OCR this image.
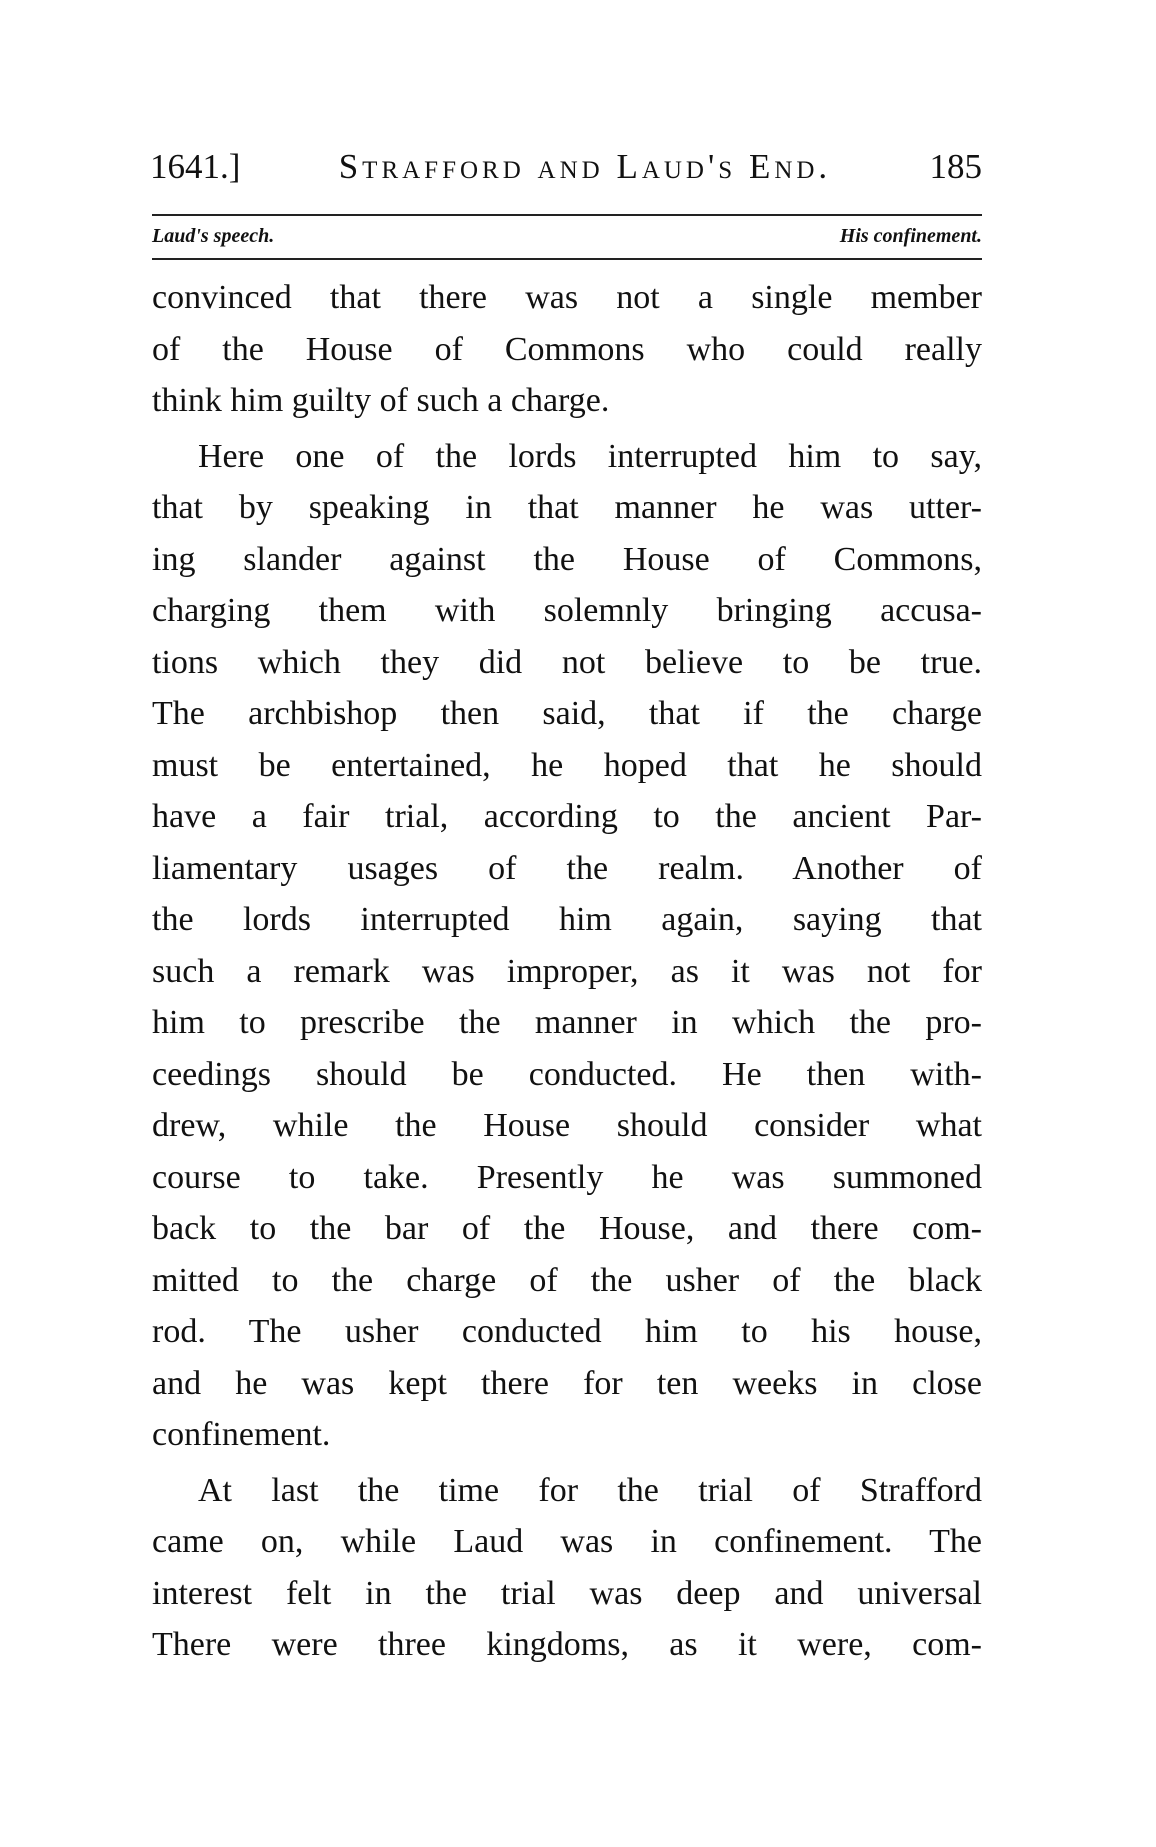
1641.]	Strafford and Laud's End.	185
Laud's speech.	His confinement.
convinced that there was not a single member
of the House of Commons who could really
think him guilty of such a charge.
Here one of the lords interrupted him to say,
that by speaking in that manner he was utter-
ing slander against the House of Commons,
charging them with solemnly bringing accusa-
tions which they did not believe to be true.
The archbishop then said, that if the charge
must be entertained, he hoped that he should
have a fair trial, according to the ancient Par-
liamentary usages of the realm. Another of
the lords interrupted him again, saying that
such a remark was improper, as it was not for
him to prescribe the manner in which the pro-
ceedings should be conducted. He then with-
drew, while the House should consider what
course to take. Presently he was summoned
back to the bar of the House, and there com-
mitted to the charge of the usher of the black
rod. The usher conducted him to his house,
and he was kept there for ten weeks in close
confinement.
At last the time for the trial of Strafford
came on, while Laud was in confinement. The
interest felt in the trial was deep and universal
There were three kingdoms, as it were, com-
